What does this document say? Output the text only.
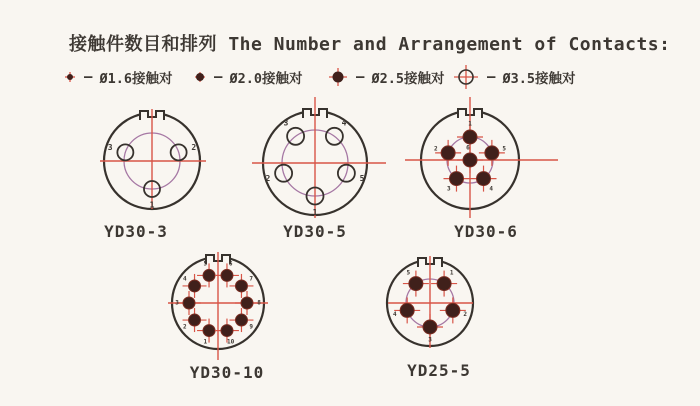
接触件数目和排列 The Number and Arrangement of Contacts:
— Ø1.6接触对	— Ø2.0接触对	— Ø2.5接触对	— Ø3.5接触对
1
2
3
1
2
3	4
5
1
2
3	4
5
6
1
2
3
4
5	6
7
8
9
10
1
2
3
4
5
YD30-3	YD30-5	YD30-6
YD30-10	YD25-5
